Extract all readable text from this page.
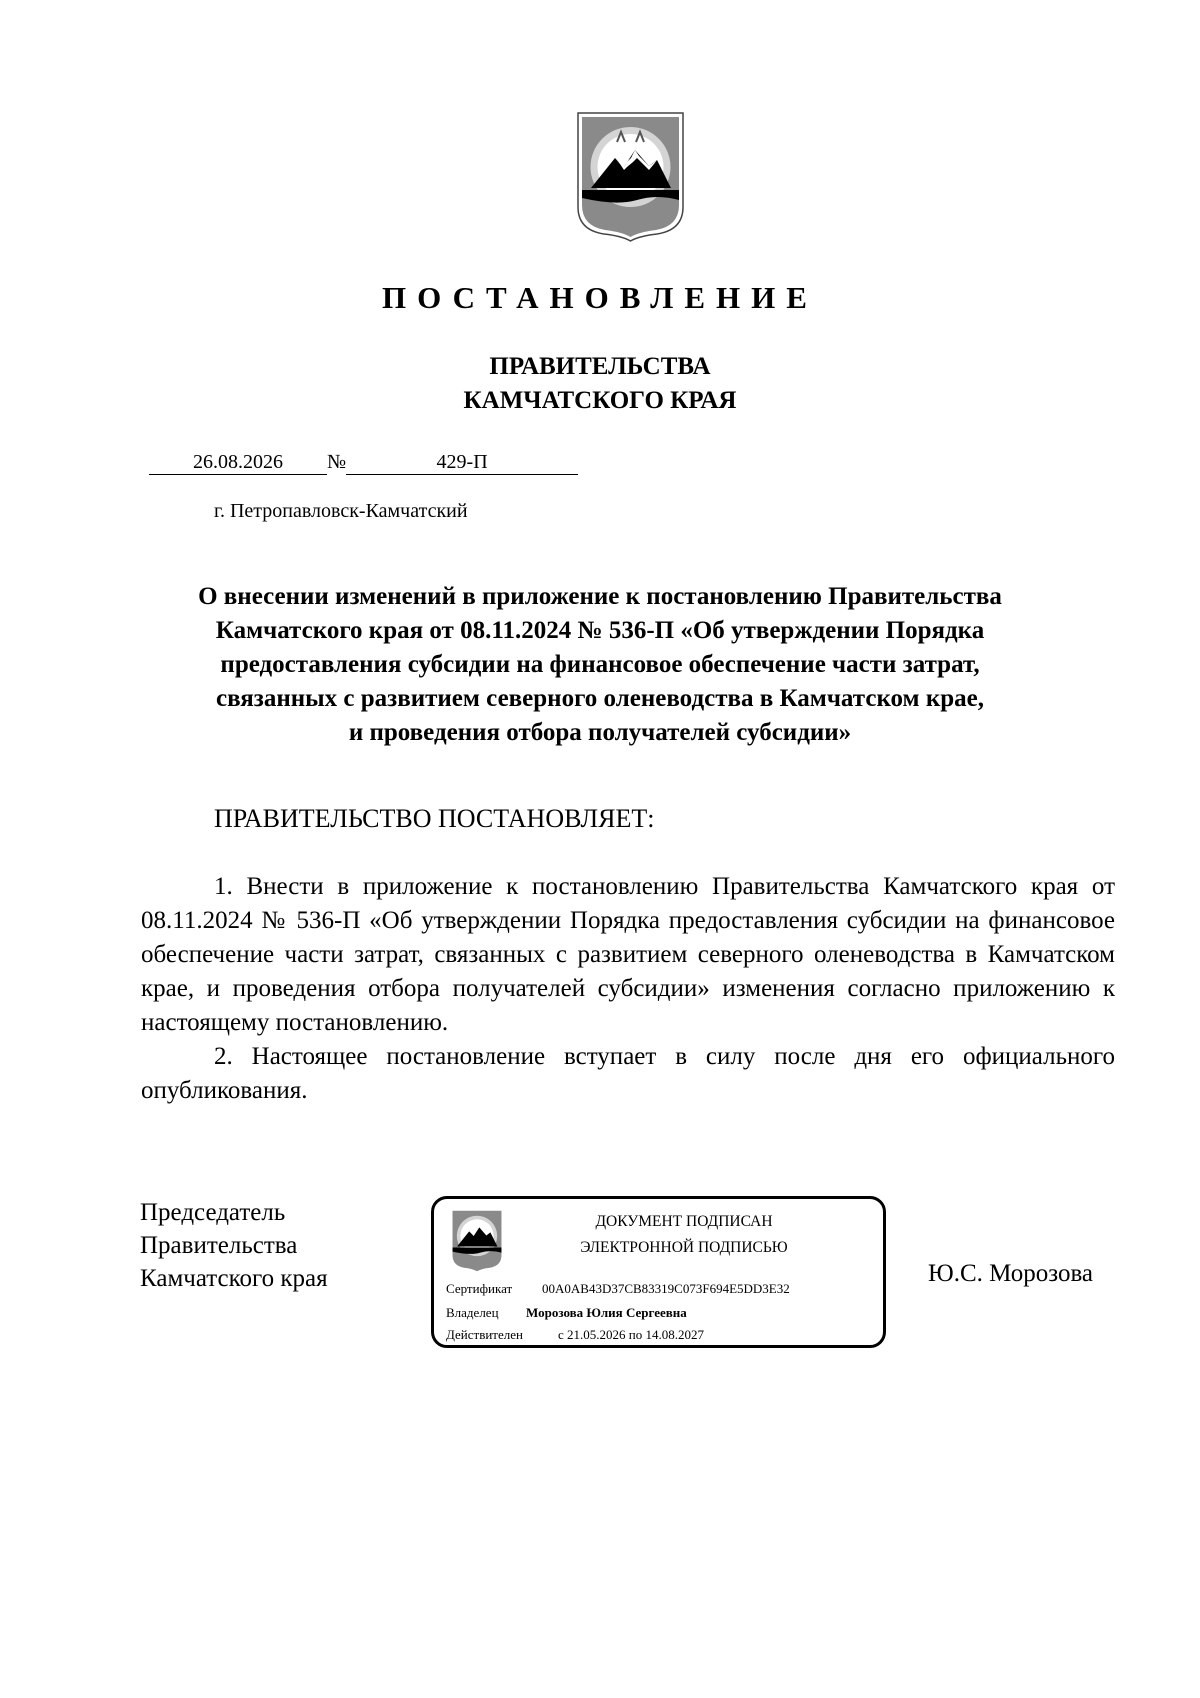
ПОСТАНОВЛЕНИЕ
ПРАВИТЕЛЬСТВА
КАМЧАТСКОГО КРАЯ
26.08.2026 №	429-П
г. Петропавловск-Камчатский
О внесении изменений в приложение к постановлению Правительства
Камчатского края от 08.11.2024 № 536-П «Об утверждении Порядка
предоставления субсидии на финансовое обеспечение части затрат,
связанных с развитием северного оленеводства в Камчатском крае,
и проведения отбора получателей субсидии»
ПРАВИТЕЛЬСТВО ПОСТАНОВЛЯЕТ:

1. Внести в приложение к постановлению Правительства Камчатского края от 08.11.2024 № 536-П «Об утверждении Порядка предоставления субсидии на финансовое обеспечение части затрат, связанных с развитием северного оленеводства в Камчатском крае, и проведения отбора получателей субсидии» изменения согласно приложению к настоящему постановлению.

2. Настоящее постановление вступает в силу после дня его официального опубликования.

Председатель
Правительства
Камчатского края
ДОКУМЕНТ ПОДПИСАН
ЭЛЕКТРОННОЙ ПОДПИСЬЮ
Сертификат 00A0AB43D37CB83319C073F694E5DD3E32
Владелец Морозова Юлия Сергеевна
Действителен	с 21.05.2026 по 14.08.2027
Ю.С. Морозова
